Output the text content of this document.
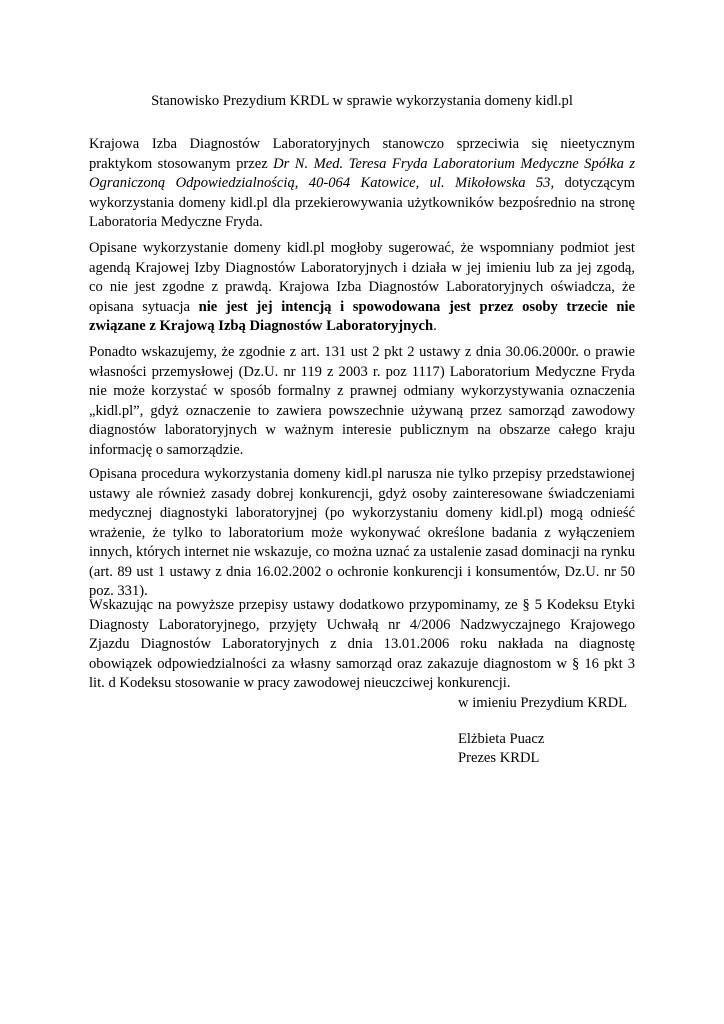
Stanowisko Prezydium KRDL w sprawie wykorzystania domeny kidl.pl

Krajowa Izba Diagnostów Laboratoryjnych stanowczo sprzeciwia się nieetycznym praktykom stosowanym przez Dr N. Med. Teresa Fryda Laboratorium Medyczne Spółka z Ograniczoną Odpowiedzialnością, 40-064 Katowice, ul. Mikołowska 53, dotyczącym wykorzystania domeny kidl.pl dla przekierowywania użytkowników bezpośrednio na stronę Laboratoria Medyczne Fryda.

Opisane wykorzystanie domeny kidl.pl mogłoby sugerować, że wspomniany podmiot jest agendą Krajowej Izby Diagnostów Laboratoryjnych i działa w jej imieniu lub za jej zgodą, co nie jest zgodne z prawdą. Krajowa Izba Diagnostów Laboratoryjnych oświadcza, że opisana sytuacja nie jest jej intencją i spowodowana jest przez osoby trzecie nie związane z Krajową Izbą Diagnostów Laboratoryjnych.

Ponadto wskazujemy, że zgodnie z art. 131 ust 2 pkt 2 ustawy z dnia 30.06.2000r. o prawie własności przemysłowej (Dz.U. nr 119 z 2003 r. poz 1117) Laboratorium Medyczne Fryda nie może korzystać w sposób formalny z prawnej odmiany wykorzystywania oznaczenia „kidl.pl”, gdyż oznaczenie to zawiera powszechnie używaną przez samorząd zawodowy diagnostów laboratoryjnych w ważnym interesie publicznym na obszarze całego kraju informację o samorządzie.

Opisana procedura wykorzystania domeny kidl.pl narusza nie tylko przepisy przedstawionej ustawy ale również zasady dobrej konkurencji, gdyż osoby zainteresowane świadczeniami medycznej diagnostyki laboratoryjnej (po wykorzystaniu domeny kidl.pl) mogą odnieść wrażenie, że tylko to laboratorium może wykonywać określone badania z wyłączeniem innych, których internet nie wskazuje, co można uznać za ustalenie zasad dominacji na rynku (art. 89 ust 1 ustawy z dnia 16.02.2002 o ochronie konkurencji i konsumentów, Dz.U. nr 50 poz. 331).

Wskazując na powyższe przepisy ustawy dodatkowo przypominamy, ze § 5 Kodeksu Etyki Diagnosty Laboratoryjnego, przyjęty Uchwałą nr 4/2006 Nadzwyczajnego Krajowego Zjazdu Diagnostów Laboratoryjnych z dnia 13.01.2006 roku nakłada na diagnostę obowiązek odpowiedzialności za własny samorząd oraz zakazuje diagnostom w § 16 pkt 3 lit. d Kodeksu stosowanie w pracy zawodowej nieuczciwej konkurencji.

w imieniu Prezydium KRDL

Elżbieta Puacz

Prezes KRDL
